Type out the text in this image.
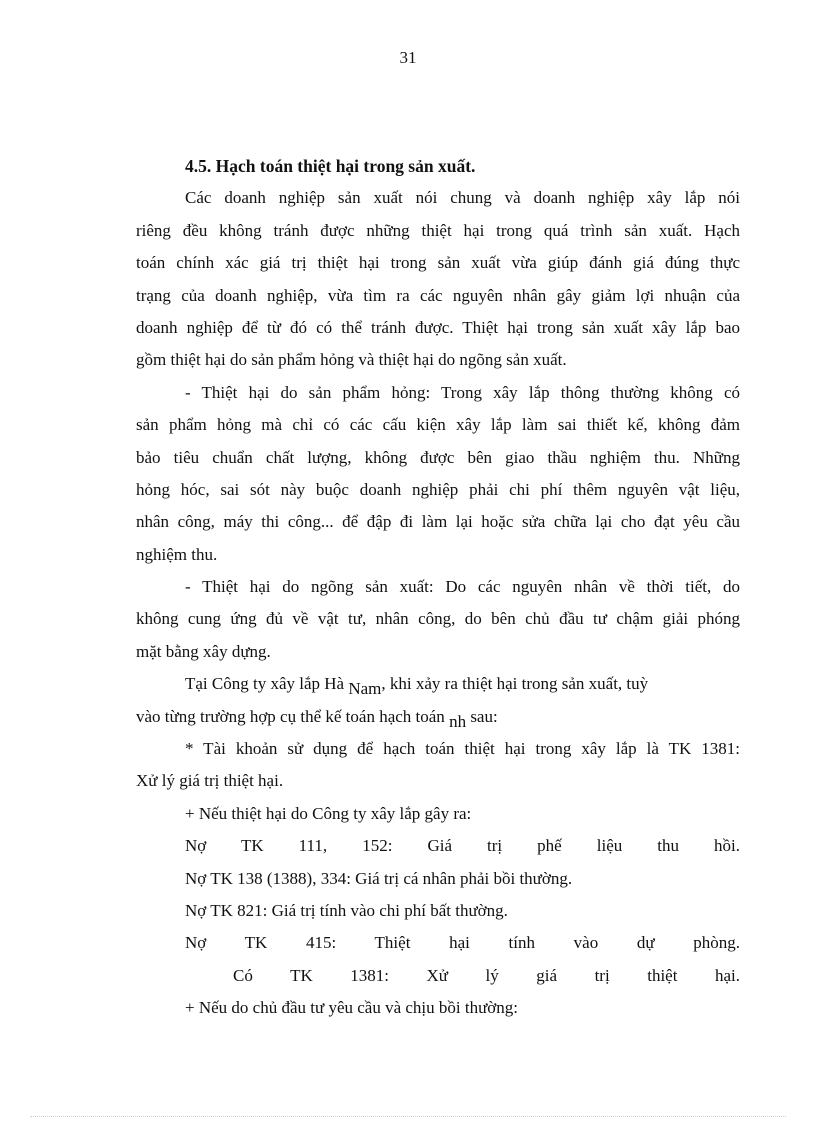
31
4.5. Hạch toán thiệt hại trong sản xuất.
Các doanh nghiệp sản xuất nói chung và doanh nghiệp xây lắp nói
riêng đều không tránh được những thiệt hại trong quá trình sản xuất. Hạch
toán chính xác giá trị thiệt hại trong sản xuất vừa giúp đánh giá đúng thực
trạng của doanh nghiệp, vừa tìm ra các nguyên nhân gây giảm lợi nhuận của
doanh nghiệp để từ đó có thể tránh được. Thiệt hại trong sản xuất xây lắp bao
gồm thiệt hại do sản phẩm hỏng và thiệt hại do ngõng sản xuất.
- Thiệt hại do sản phẩm hỏng: Trong xây lắp thông thường không có
sản phẩm hỏng mà chỉ có các cấu kiện xây lắp làm sai thiết kế, không đảm
bảo tiêu chuẩn chất lượng, không được bên giao thầu nghiệm thu. Những
hỏng hóc, sai sót này buộc doanh nghiệp phải chi phí thêm nguyên vật liệu,
nhân công, máy thi công... để đập đi làm lại hoặc sửa chữa lại cho đạt yêu cầu
nghiệm thu.
- Thiệt hại do ngõng sản xuất: Do các nguyên nhân về thời tiết, do
không cung ứng đủ về vật tư, nhân công, do bên chủ đầu tư chậm giải phóng
mặt bằng xây dựng.
Tại Công ty xây lắp Hà Nam, khi xảy ra thiệt hại trong sản xuất, tuỳ
vào từng trường hợp cụ thể kế toán hạch toán nh sau:
* Tài khoản sử dụng để hạch toán thiệt hại trong xây lắp là TK 1381:
Xử lý giá trị thiệt hại.
+ Nếu thiệt hại do Công ty xây lắp gây ra:
Nợ TK 111, 152: Giá trị phế liệu thu hồi.
Nợ TK 138 (1388), 334: Giá trị cá nhân phải bồi thường.
Nợ TK 821: Giá trị tính vào chi phí bất thường.
Nợ TK 415: Thiệt hại tính vào dự phòng.
Có TK 1381: Xử lý giá trị thiệt hại.
+ Nếu do chủ đầu tư yêu cầu và chịu bồi thường:
